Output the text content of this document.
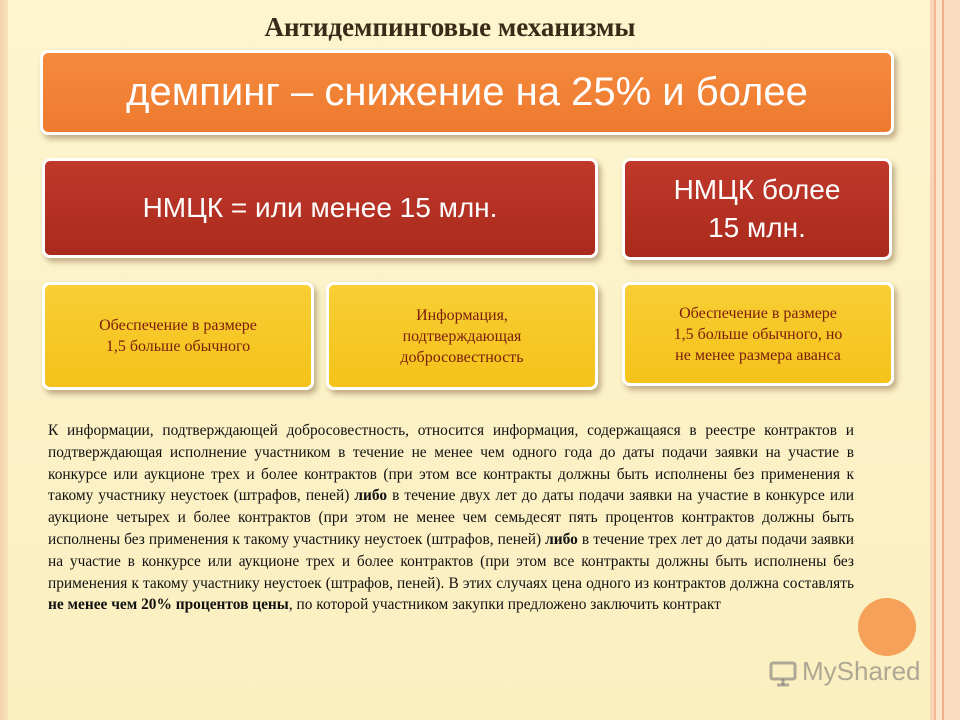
Антидемпинговые механизмы
демпинг – снижение на 25% и более
НМЦК = или менее 15 млн.
НМЦК более
15 млн.
Обеспечение в размере
1,5 больше обычного
Информация,
подтверждающая
добросовестность
Обеспечение в размере
1,5 больше обычного, но
не менее размера аванса
К информации, подтверждающей добросовестность, относится информация, содержащаяся в реестре контрактов и подтверждающая исполнение участником в течение не менее чем одного года до даты подачи заявки на участие в конкурсе или аукционе трех и более контрактов (при этом все контракты должны быть исполнены без применения к такому участнику неустоек (штрафов, пеней) либо в течение двух лет до даты подачи заявки на участие в конкурсе или аукционе четырех и более контрактов (при этом не менее чем семьдесят пять процентов контрактов должны быть исполнены без применения к такому участнику неустоек (штрафов, пеней) либо в течение трех лет до даты подачи заявки на участие в конкурсе или аукционе трех и более контрактов (при этом все контракты должны быть исполнены без применения к такому участнику неустоек (штрафов, пеней). В этих случаях цена одного из контрактов должна составлять не менее чем 20% процентов цены, по которой участником закупки предложено заключить контракт
MyShared
